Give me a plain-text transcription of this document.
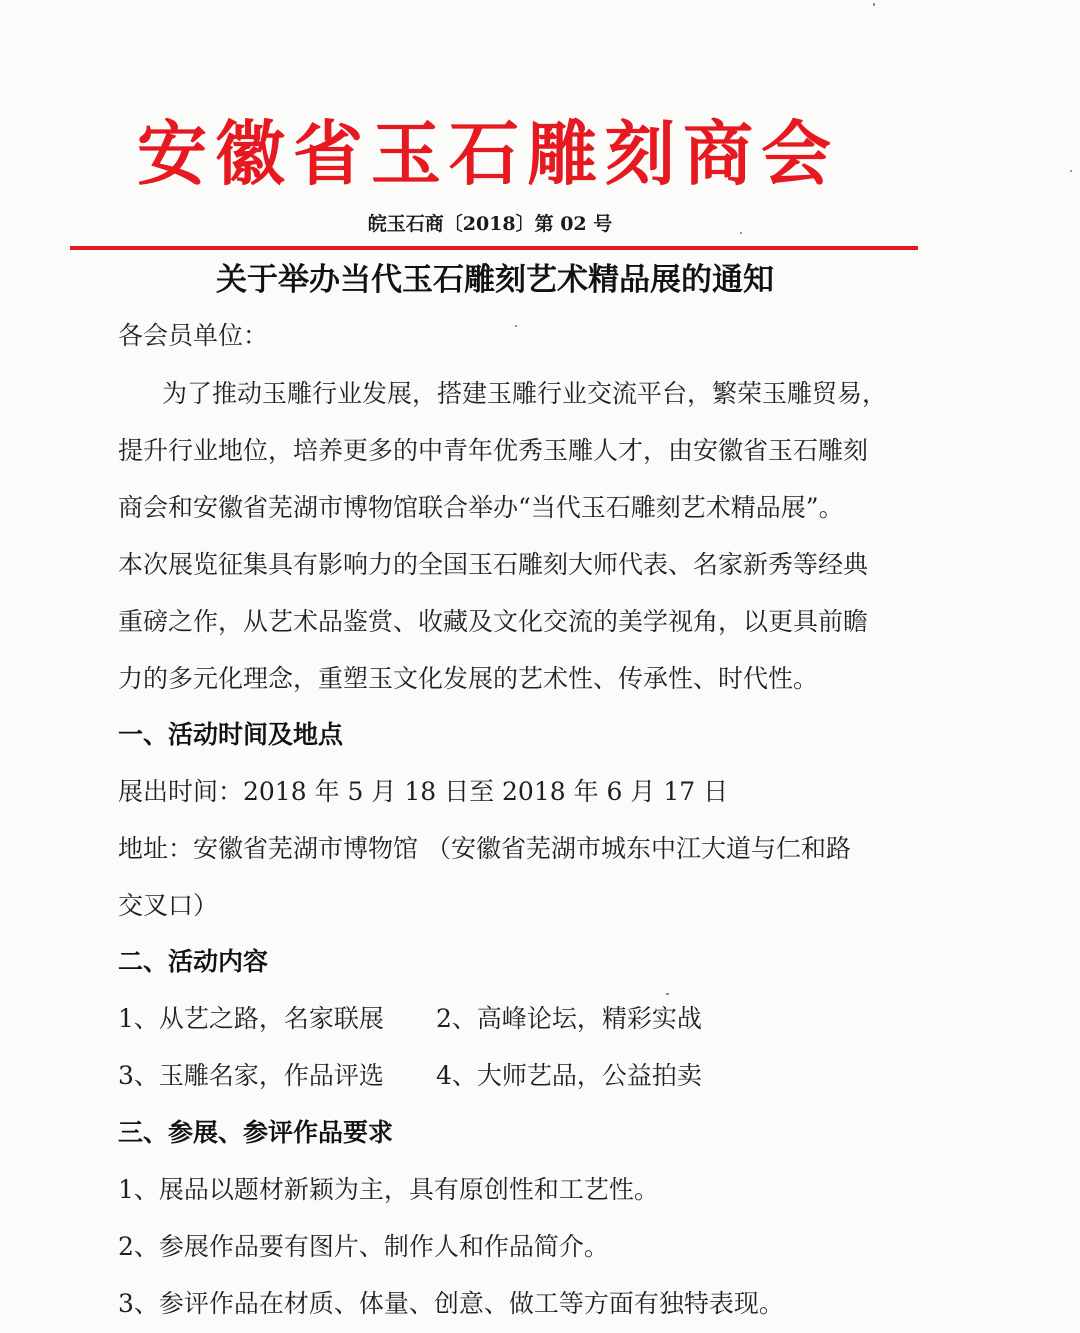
安徽省玉石雕刻商会
皖玉石商〔2018〕第 02 号
关于举办当代玉石雕刻艺术精品展的通知
各会员单位：
为了推动玉雕行业发展，搭建玉雕行业交流平台，繁荣玉雕贸易，
提升行业地位，培养更多的中青年优秀玉雕人才，由安徽省玉石雕刻
商会和安徽省芜湖市博物馆联合举办“当代玉石雕刻艺术精品展”。
本次展览征集具有影响力的全国玉石雕刻大师代表、名家新秀等经典
重磅之作，从艺术品鉴赏、收藏及文化交流的美学视角，以更具前瞻
力的多元化理念，重塑玉文化发展的艺术性、传承性、时代性。
一、活动时间及地点
展出时间：2018 年 5 月 18 日至 2018 年 6 月 17 日
地址：安徽省芜湖市博物馆 （安徽省芜湖市城东中江大道与仁和路
交叉口）
二、活动内容
1、从艺之路，名家联展 2、高峰论坛，精彩实战
3、玉雕名家，作品评选 4、大师艺品，公益拍卖
三、参展、参评作品要求
1、展品以题材新颖为主，具有原创性和工艺性。
2、参展作品要有图片、制作人和作品简介。
3、参评作品在材质、体量、创意、做工等方面有独特表现。
